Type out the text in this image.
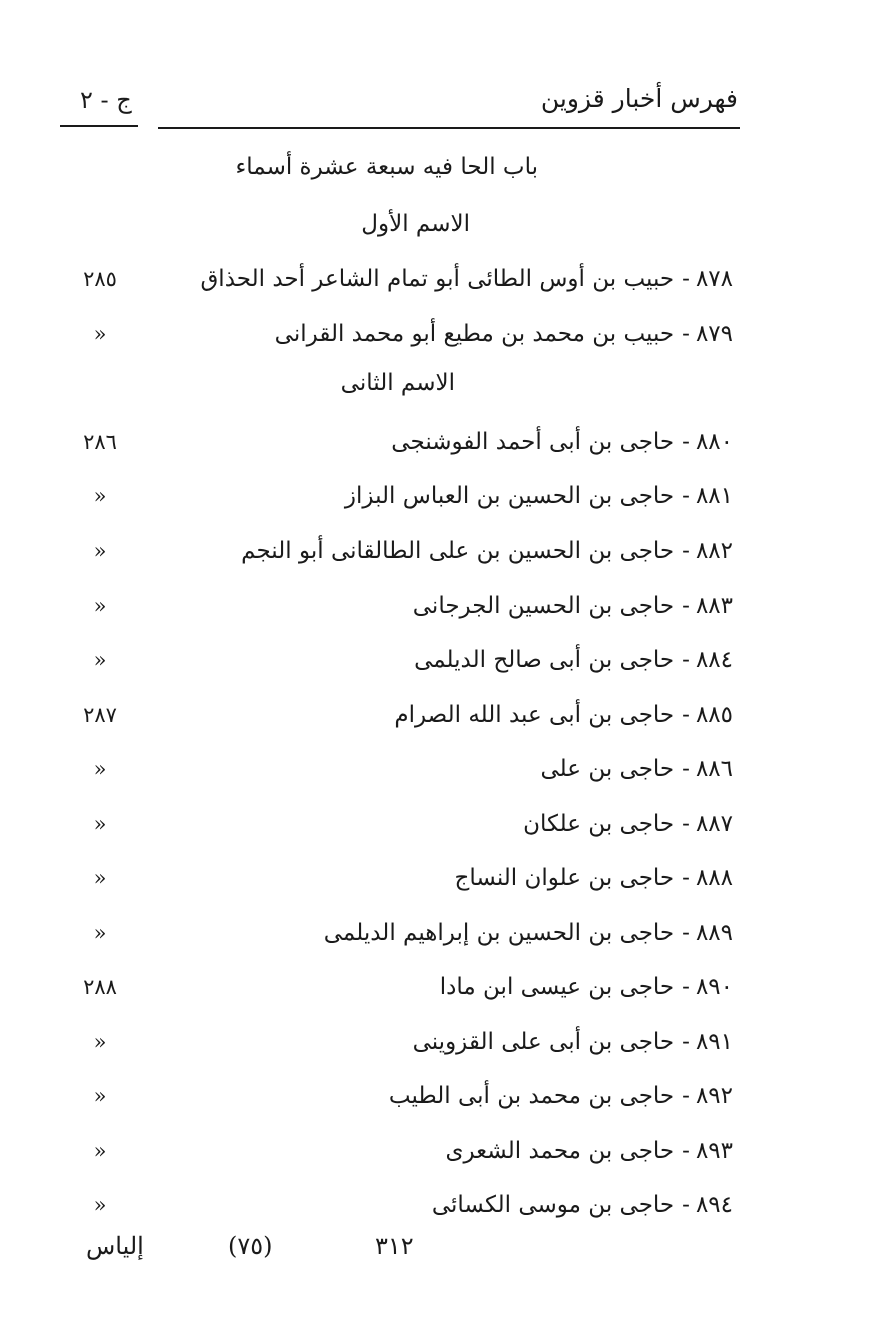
فهرس أخبار قزوين
ج - ٢
باب الحا فيه سبعة عشرة أسماء
الاسم الأول
٨٧٨-حبيب بن أوس الطائى أبو تمام الشاعر أحد الحذاق
٢٨٥
٨٧٩-حبيب بن محمد بن مطيع أبو محمد القرانى
»
الاسم الثانى
٨٨٠-حاجى بن أبى أحمد الفوشنجى
٢٨٦
٨٨١-حاجى بن الحسين بن العباس البزاز
»
٨٨٢-حاجى بن الحسين بن على الطالقانى أبو النجم
»
٨٨٣-حاجى بن الحسين الجرجانى
»
٨٨٤-حاجى بن أبى صالح الديلمى
»
٨٨٥-حاجى بن أبى عبد الله الصرام
٢٨٧
٨٨٦-حاجى بن على
»
٨٨٧-حاجى بن علكان
»
٨٨٨-حاجى بن علوان النساج
»
٨٨٩-حاجى بن الحسين بن إبراهيم الديلمى
»
٨٩٠-حاجى بن عيسى ابن مادا
٢٨٨
٨٩١-حاجى بن أبى على القزوينى
»
٨٩٢-حاجى بن محمد بن أبى الطيب
»
٨٩٣-حاجى بن محمد الشعرى
»
٨٩٤-حاجى بن موسى الكسائى
»
إلياس	(٧٥)	٣١٢
